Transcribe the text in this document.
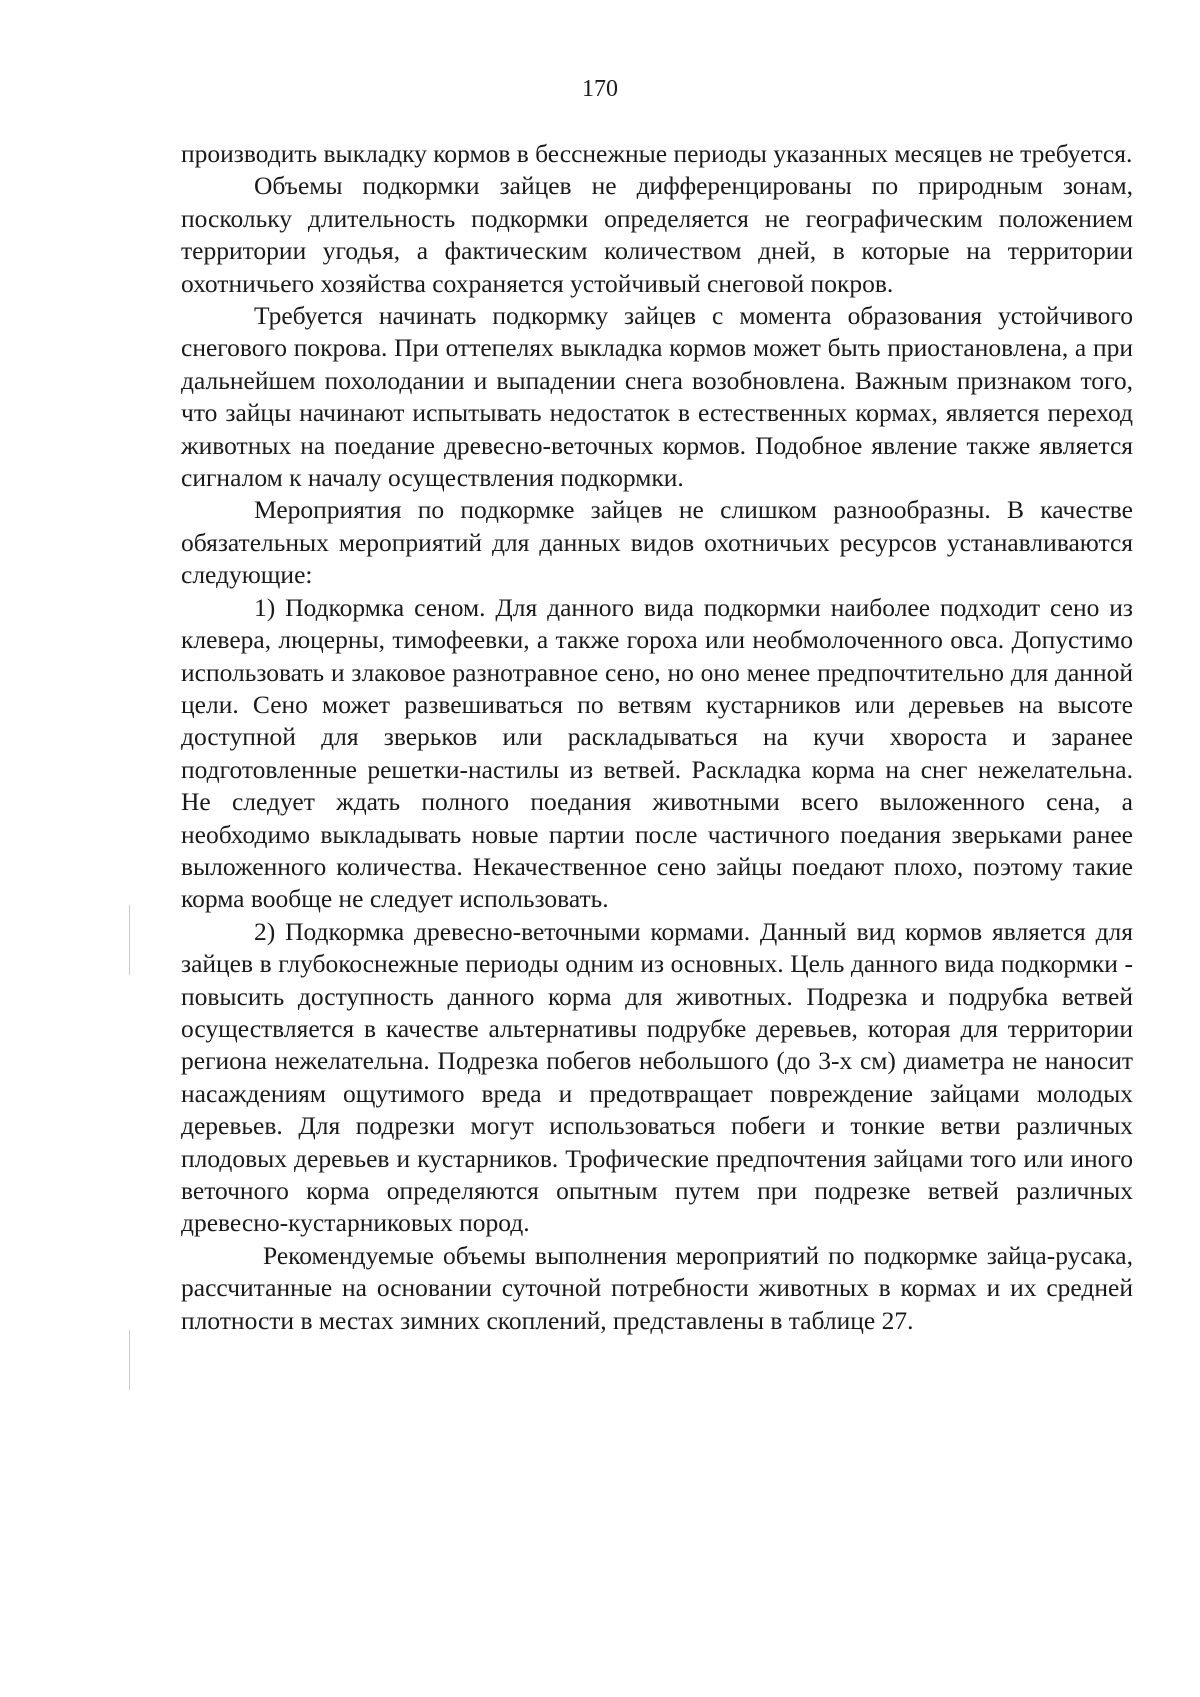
170

производить выкладку кормов в бесснежные периоды указанных месяцев не требуется.

Объемы подкормки зайцев не дифференцированы по природным зонам, поскольку длительность подкормки определяется не географическим положением территории угодья, а фактическим количеством дней, в которые на территории охотничьего хозяйства сохраняется устойчивый снеговой покров.

Требуется начинать подкормку зайцев с момента образования устойчивого снегового покрова. При оттепелях выкладка кормов может быть приостановлена, а при дальнейшем похолодании и выпадении снега возобновлена. Важным признаком того, что зайцы начинают испытывать недостаток в естественных кормах, является переход животных на поедание древесно-веточных кормов. Подобное явление также является сигналом к началу осуществления подкормки.

Мероприятия по подкормке зайцев не слишком разнообразны. В качестве обязательных мероприятий для данных видов охотничьих ресурсов устанавливаются следующие:

1) Подкормка сеном. Для данного вида подкормки наиболее подходит сено из клевера, люцерны, тимофеевки, а также гороха или необмолоченного овса. Допустимо использовать и злаковое разнотравное сено, но оно менее предпочтительно для данной цели. Сено может развешиваться по ветвям кустарников или деревьев на высоте доступной для зверьков или раскладываться на кучи хвороста и заранее подготовленные решетки-настилы из ветвей. Раскладка корма на снег нежелательна. Не следует ждать полного поедания животными всего выложенного сена, а необходимо выкладывать новые партии после частичного поедания зверьками ранее выложенного количества. Некачественное сено зайцы поедают плохо, поэтому такие корма вообще не следует использовать.

2) Подкормка древесно-веточными кормами. Данный вид кормов является для зайцев в глубокоснежные периоды одним из основных. Цель данного вида подкормки - повысить доступность данного корма для животных. Подрезка и подрубка ветвей осуществляется в качестве альтернативы подрубке деревьев, которая для территории региона нежелательна. Подрезка побегов небольшого (до 3-х см) диаметра не наносит насаждениям ощутимого вреда и предотвращает повреждение зайцами молодых деревьев. Для подрезки могут использоваться побеги и тонкие ветви различных плодовых деревьев и кустарников. Трофические предпочтения зайцами того или иного веточного корма определяются опытным путем при подрезке ветвей различных древесно-кустарниковых пород.

Рекомендуемые объемы выполнения мероприятий по подкормке зайца-русака, рассчитанные на основании суточной потребности животных в кормах и их средней плотности в местах зимних скоплений, представлены в таблице 27.
